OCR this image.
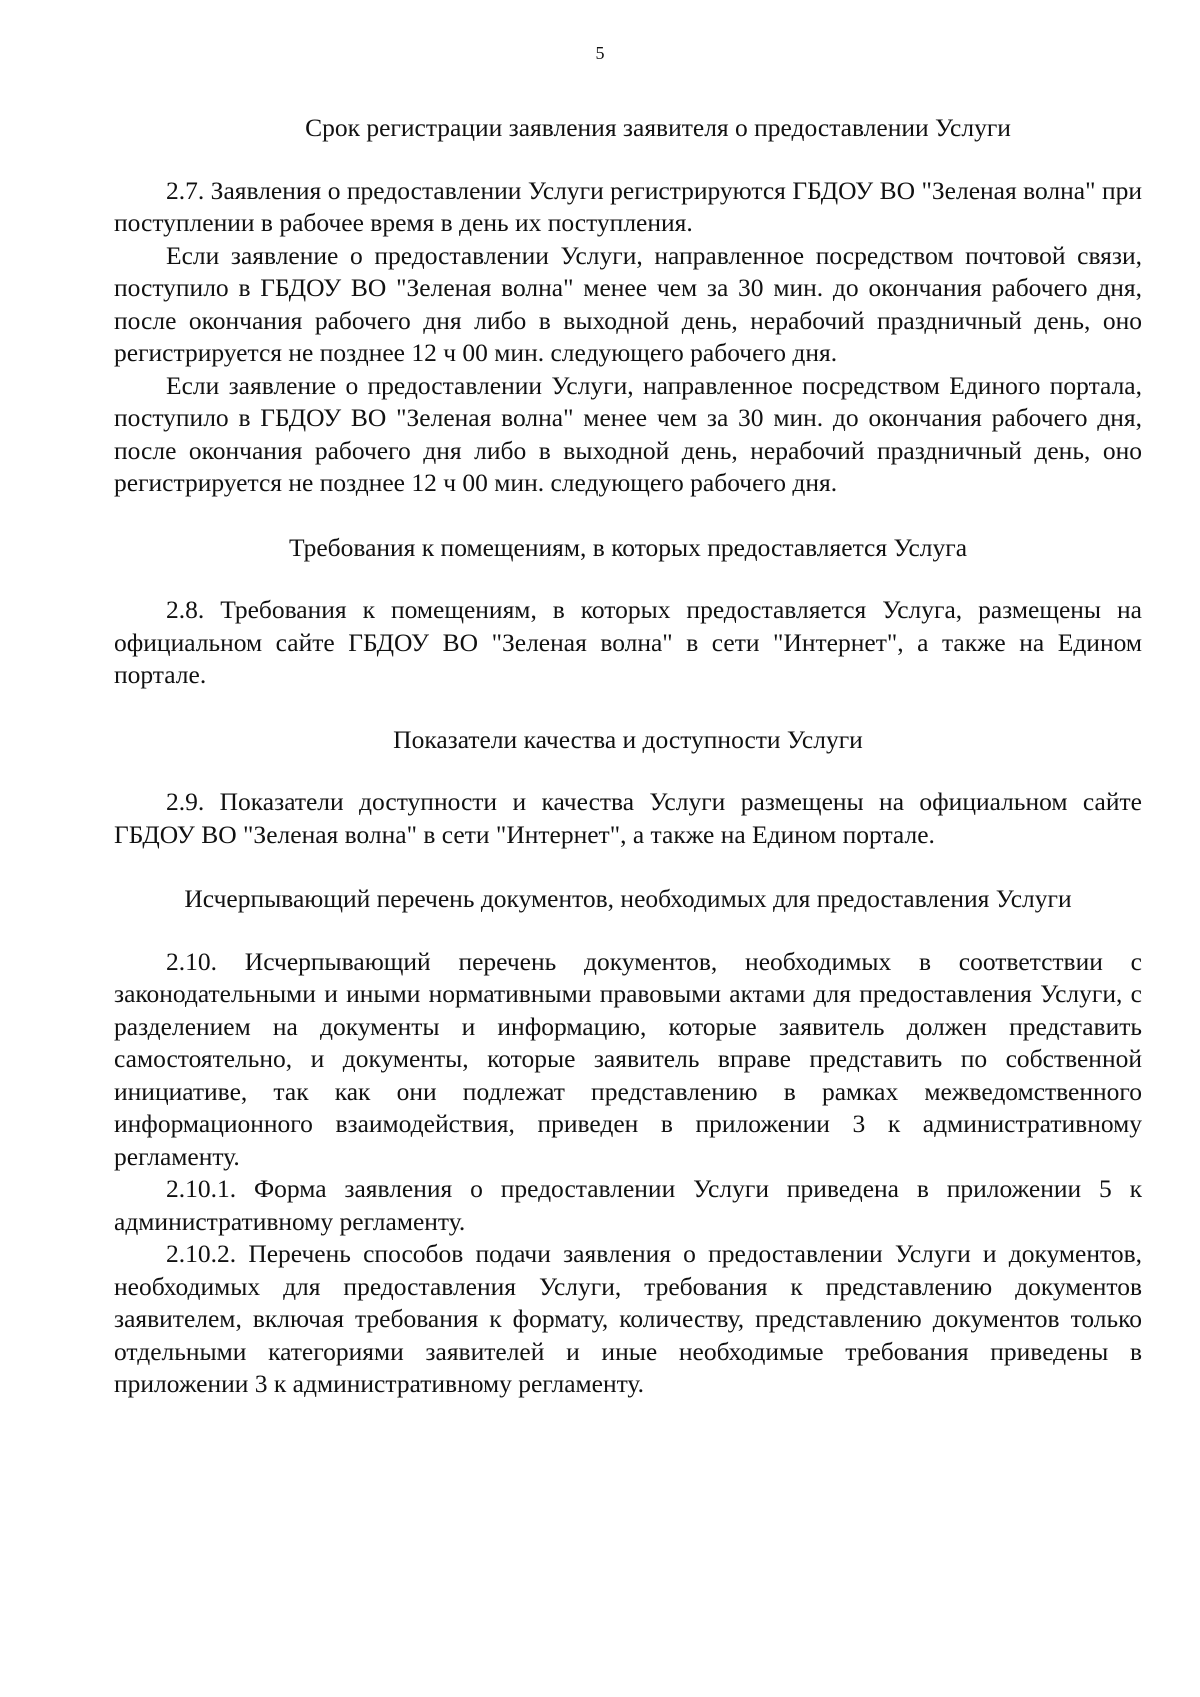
5

Срок регистрации заявления заявителя о предоставлении Услуги

2.7. Заявления о предоставлении Услуги регистрируются ГБДОУ ВО "Зеленая волна" при поступлении в рабочее время в день их поступления.

Если заявление о предоставлении Услуги, направленное посредством почтовой связи, поступило в ГБДОУ ВО "Зеленая волна" менее чем за 30 мин. до окончания рабочего дня, после окончания рабочего дня либо в выходной день, нерабочий праздничный день, оно регистрируется не позднее 12 ч 00 мин. следующего рабочего дня.

Если заявление о предоставлении Услуги, направленное посредством Единого портала, поступило в ГБДОУ ВО "Зеленая волна" менее чем за 30 мин. до окончания рабочего дня, после окончания рабочего дня либо в выходной день, нерабочий праздничный день, оно регистрируется не позднее 12 ч 00 мин. следующего рабочего дня.

Требования к помещениям, в которых предоставляется Услуга

2.8. Требования к помещениям, в которых предоставляется Услуга, размещены на официальном сайте ГБДОУ ВО "Зеленая волна" в сети "Интернет", а также на Едином портале.

Показатели качества и доступности Услуги

2.9. Показатели доступности и качества Услуги размещены на официальном сайте ГБДОУ ВО "Зеленая волна" в сети "Интернет", а также на Едином портале.

Исчерпывающий перечень документов, необходимых для предоставления Услуги

2.10. Исчерпывающий перечень документов, необходимых в соответствии с законодательными и иными нормативными правовыми актами для предоставления Услуги, с разделением на документы и информацию, которые заявитель должен представить самостоятельно, и документы, которые заявитель вправе представить по собственной инициативе, так как они подлежат представлению в рамках межведомственного информационного взаимодействия, приведен в приложении 3 к административному регламенту.

2.10.1. Форма заявления о предоставлении Услуги приведена в приложении 5 к административному регламенту.

2.10.2. Перечень способов подачи заявления о предоставлении Услуги и документов, необходимых для предоставления Услуги, требования к представлению документов заявителем, включая требования к формату, количеству, представлению документов только отдельными категориями заявителей и иные необходимые требования приведены в приложении 3 к административному регламенту.
